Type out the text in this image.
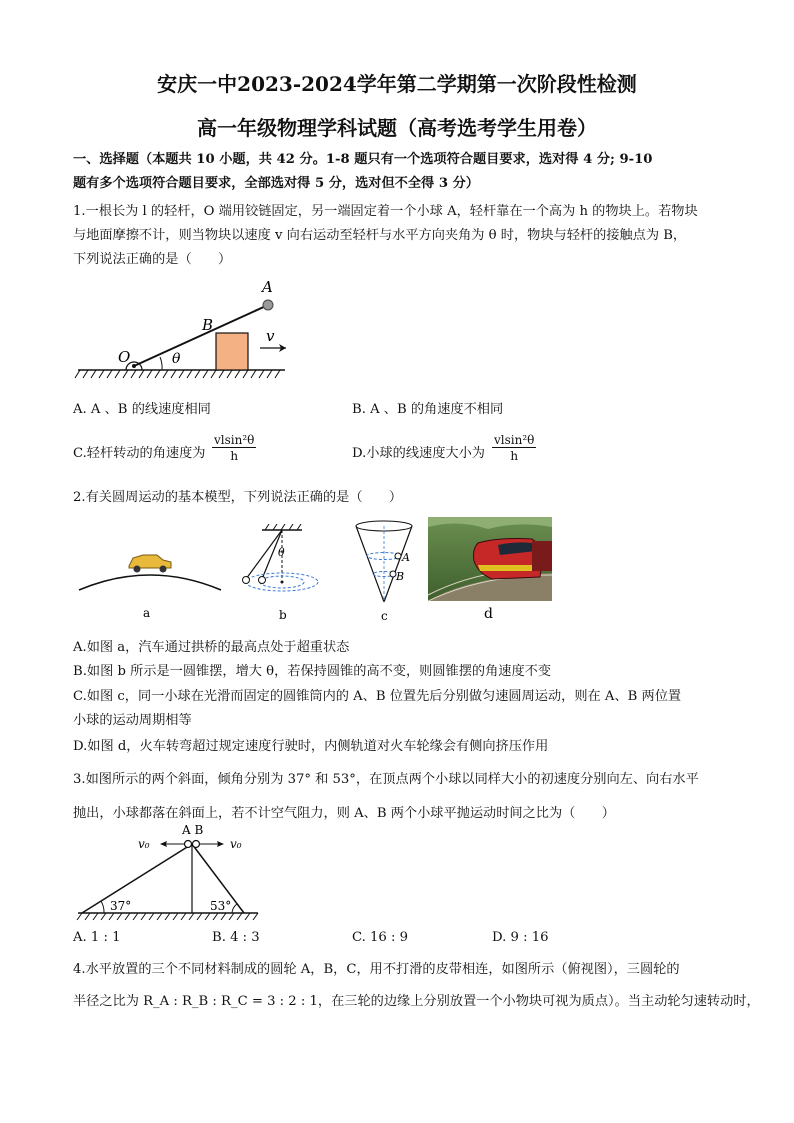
安庆一中2023-2024学年第二学期第一次阶段性检测
高一年级物理学科试题（高考选考学生用卷）
一、选择题（本题共 10 小题，共 42 分。1-8 题只有一个选项符合题目要求，选对得 4 分; 9-10
题有多个选项符合题目要求，全部选对得 5 分，选对但不全得 3 分）
1.一根长为 l 的轻杆，O 端用铰链固定，另一端固定着一个小球 A，轻杆靠在一个高为 h 的物块上。若物块
与地面摩擦不计，则当物块以速度 v 向右运动至轻杆与水平方向夹角为 θ 时，物块与轻杆的接触点为 B，
下列说法正确的是（　　）
A
B
O	θ
v
A. A 、B 的线速度相同	B. A 、B 的角速度不相同
C.轻杆转动的角速度为 $\frac{\text{vlsin²θ}}{h}$	D.小球的线速度大小为 $\frac{\text{vlsin²θ}}{h}$
2.有关圆周运动的基本模型，下列说法正确的是（　　）
a
θ
b
A
B
c	d
A.如图 a，汽车通过拱桥的最高点处于超重状态
B.如图 b 所示是一圆锥摆，增大 θ，若保持圆锥的高不变，则圆锥摆的角速度不变
C.如图 c，同一小球在光滑而固定的圆锥筒内的 A、B 位置先后分别做匀速圆周运动，则在 A、B 两位置
小球的运动周期相等
D.如图 d，火车转弯超过规定速度行驶时，内侧轨道对火车轮缘会有侧向挤压作用
3.如图所示的两个斜面，倾角分别为 37° 和 53°，在顶点两个小球以同样大小的初速度分别向左、向右水平
抛出，小球都落在斜面上，若不计空气阻力，则 A、B 两个小球平抛运动时间之比为（　　）
A B
v₀	v₀
37°	53°
A. 1 : 1	B. 4 : 3	C. 16 : 9	D. 9 : 16
4.水平放置的三个不同材料制成的圆轮 A，B，C，用不打滑的皮带相连，如图所示（俯视图），三圆轮的
半径之比为 R_A : R_B : R_C = 3 : 2 : 1，在三轮的边缘上分别放置一个小物块可视为质点）。当主动轮匀速转动时，
